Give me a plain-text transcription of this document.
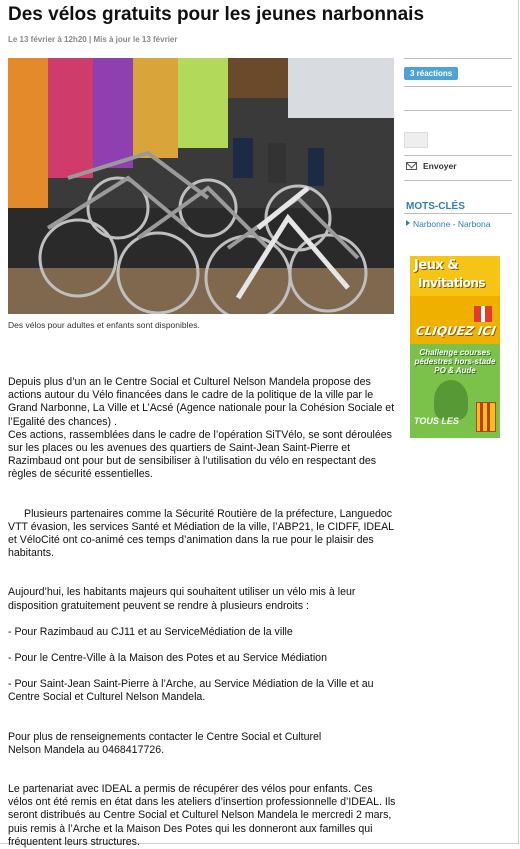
Des vélos gratuits pour les jeunes narbonnais
Le 13 février à 12h20 | Mis à jour le 13 février
Des vélos pour adultes et enfants sont disponibles.

Depuis plus d’un an le Centre Social et Culturel Nelson Mandela propose des actions autour du Vélo financées dans le cadre de la politique de la ville par le Grand Narbonne, La Ville et L’Acsé (Agence nationale pour la Cohésion Sociale et l’Egalité des chances) .

Ces actions, rassemblées dans le cadre de l’opération SiTVélo, se sont déroulées sur les places ou les avenues des quartiers de Saint-Jean Saint-Pierre et Razimbaud ont pour but de sensibiliser à l’utilisation du vélo en respectant des règles de sécurité essentielles.

Plusieurs partenaires comme la Sécurité Routière de la préfecture, Languedoc VTT évasion, les services Santé et Médiation de la ville, l’ABP21, le CIDFF, IDEAL et VéloCité ont co-animé ces temps d’animation dans la rue pour le plaisir des habitants.

Aujourd’hui, les habitants majeurs qui souhaitent utiliser un vélo mis à leur disposition gratuitement peuvent se rendre à plusieurs endroits :

- Pour Razimbaud au CJ11 et au ServiceMédiation de la ville

- Pour le Centre-Ville à la Maison des Potes et au Service Médiation

- Pour Saint-Jean Saint-Pierre à l’Arche, au Service Médiation de la Ville et au Centre Social et Culturel Nelson Mandela.

Pour plus de renseignements contacter le Centre Social et Culturel Nelson Mandela au 0468417726.

Le partenariat avec IDEAL a permis de récupérer des vélos pour enfants. Ces vélos ont été remis en état dans les ateliers d’insertion professionnelle d’IDEAL. Ils seront distribués au Centre Social et Culturel Nelson Mandela le mercredi 2 mars, puis remis à l’Arche et la Maison Des Potes qui les donneront aux familles qui fréquentent leurs structures.

3 réactions
Envoyer
MOTS-CLÉS
Narbonne - Narbona
Jeux &
Invitations
CLIQUEZ ICI
Challenge courses pédestres hors-stade PO & Aude
TOUS LES
